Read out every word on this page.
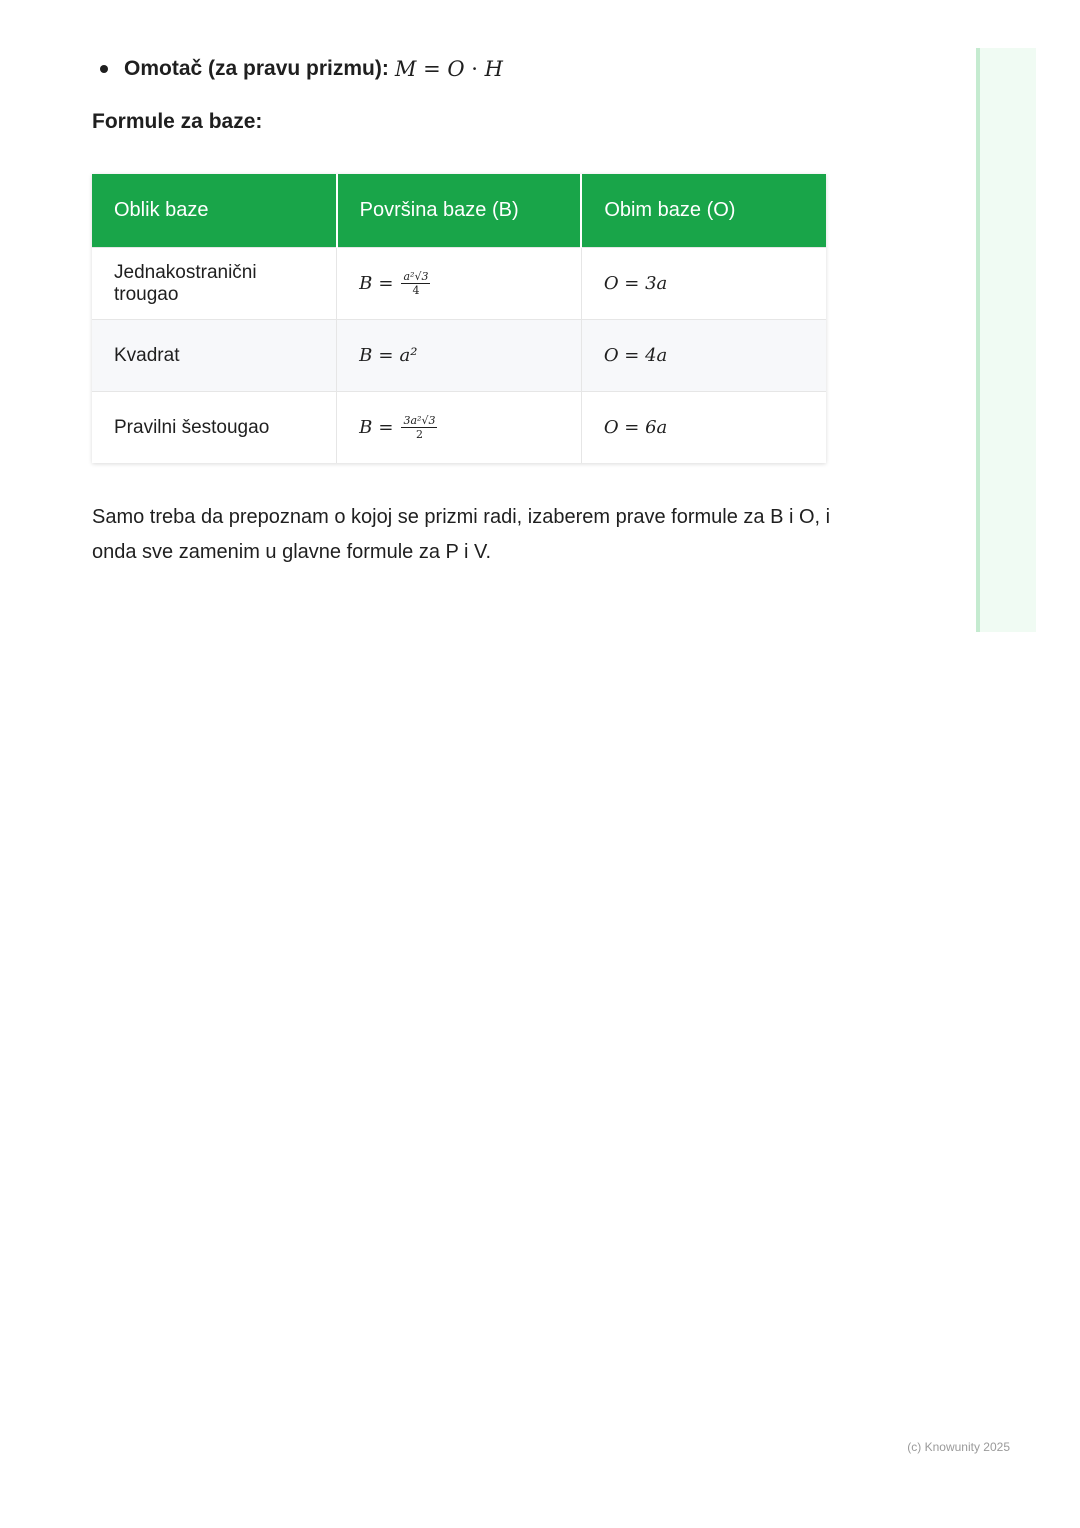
Omotač (za pravu prizmu): M = O · H
Formule za baze:
Oblik baze	Površina baze (B)	Obim baze (O)
Jednakostranični trougao	$B = \frac{\text{a²√3}}{4}$	O = 3a
Kvadrat	B = a²	O = 4a
Pravilni šestougao	$B = \frac{\text{3a²√3}}{2}$	O = 6a
Samo treba da prepoznam o kojoj se prizmi radi, izaberem prave formule za B i O, i onda sve zamenim u glavne formule za P i V.
(c) Knowunity 2025
